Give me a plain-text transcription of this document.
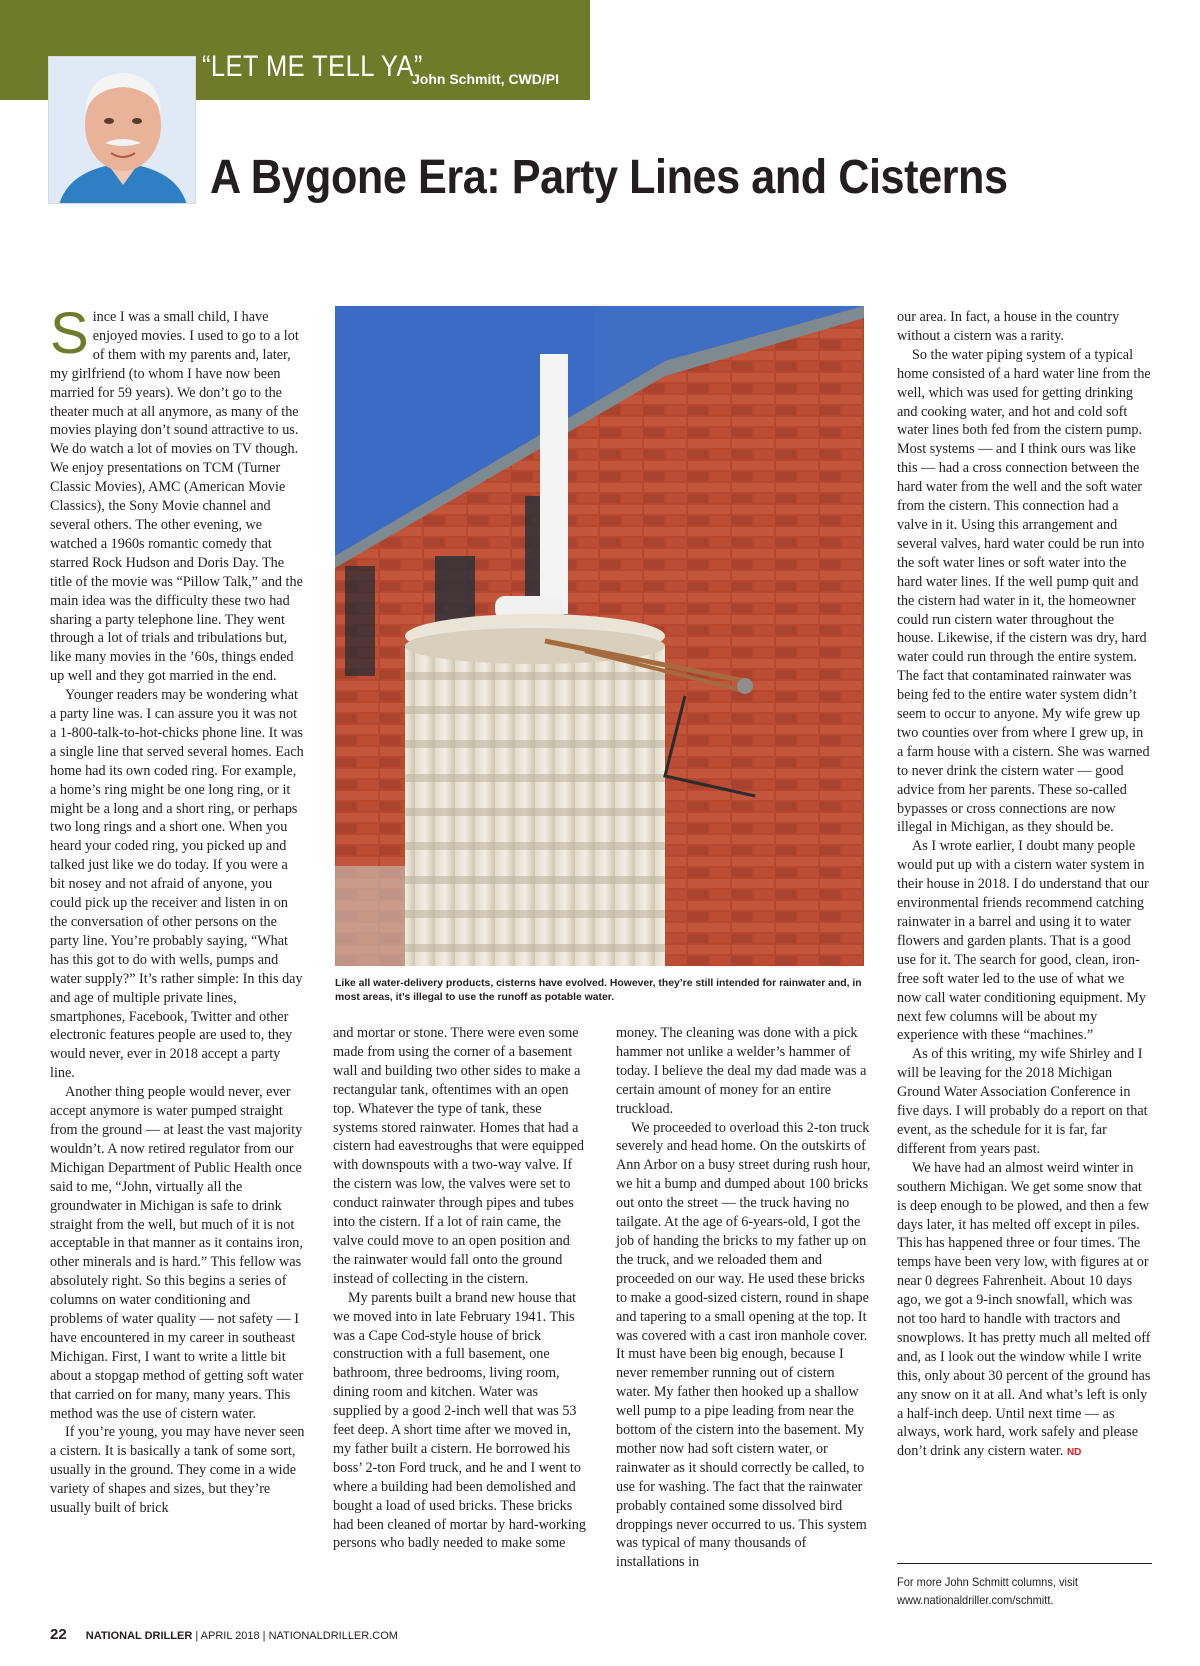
“LET ME TELL YA”
John Schmitt, CWD/PI
A Bygone Era: Party Lines and Cisterns

Since I was a small child, I have enjoyed movies. I used to go to a lot of them with my parents and, later, my girlfriend (to whom I have now been married for 59 years). We don’t go to the theater much at all anymore, as many of the movies playing don’t sound attractive to us. We do watch a lot of movies on TV though. We enjoy presentations on TCM (Turner Classic Movies), AMC (American Movie Classics), the Sony Movie channel and several others. The other evening, we watched a 1960s romantic comedy that starred Rock Hudson and Doris Day. The title of the movie was “Pillow Talk,” and the main idea was the difficulty these two had sharing a party telephone line. They went through a lot of trials and tribulations but, like many movies in the ’60s, things ended up well and they got married in the end.

Younger readers may be wondering what a party line was. I can assure you it was not a 1-800-talk-to-hot-chicks phone line. It was a single line that served several homes. Each home had its own coded ring. For example, a home’s ring might be one long ring, or it might be a long and a short ring, or perhaps two long rings and a short one. When you heard your coded ring, you picked up and talked just like we do today. If you were a bit nosey and not afraid of anyone, you could pick up the receiver and listen in on the conversation of other persons on the party line. You’re probably saying, “What has this got to do with wells, pumps and water supply?” It’s rather simple: In this day and age of multiple private lines, smartphones, Facebook, Twitter and other electronic features people are used to, they would never, ever in 2018 accept a party line.

Another thing people would never, ever accept anymore is water pumped straight from the ground — at least the vast majority wouldn’t. A now retired regulator from our Michigan Department of Public Health once said to me, “John, virtually all the groundwater in Michigan is safe to drink straight from the well, but much of it is not acceptable in that manner as it contains iron, other minerals and is hard.” This fellow was absolutely right. So this begins a series of columns on water conditioning and problems of water quality — not safety — I have encountered in my career in southeast Michigan. First, I want to write a little bit about a stopgap method of getting soft water that carried on for many, many years. This method was the use of cistern water.

If you’re young, you may have never seen a cistern. It is basically a tank of some sort, usually in the ground. They come in a wide variety of shapes and sizes, but they’re usually built of brick

Like all water-delivery products, cisterns have evolved. However, they’re still intended for rainwater and, in most areas, it’s illegal to use the runoff as potable water.

and mortar or stone. There were even some made from using the corner of a basement wall and building two other sides to make a rectangular tank, oftentimes with an open top. Whatever the type of tank, these systems stored rainwater. Homes that had a cistern had eavestroughs that were equipped with downspouts with a two-way valve. If the cistern was low, the valves were set to conduct rainwater through pipes and tubes into the cistern. If a lot of rain came, the valve could move to an open position and the rainwater would fall onto the ground instead of collecting in the cistern.

My parents built a brand new house that we moved into in late February 1941. This was a Cape Cod-style house of brick construction with a full basement, one bathroom, three bedrooms, living room, dining room and kitchen. Water was supplied by a good 2-inch well that was 53 feet deep. A short time after we moved in, my father built a cistern. He borrowed his boss’ 2-ton Ford truck, and he and I went to where a building had been demolished and bought a load of used bricks. These bricks had been cleaned of mortar by hard-working persons who badly needed to make some

money. The cleaning was done with a pick hammer not unlike a welder’s hammer of today. I believe the deal my dad made was a certain amount of money for an entire truckload.

We proceeded to overload this 2-ton truck severely and head home. On the outskirts of Ann Arbor on a busy street during rush hour, we hit a bump and dumped about 100 bricks out onto the street — the truck having no tailgate. At the age of 6-years-old, I got the job of handing the bricks to my father up on the truck, and we reloaded them and proceeded on our way. He used these bricks to make a good-sized cistern, round in shape and tapering to a small opening at the top. It was covered with a cast iron manhole cover. It must have been big enough, because I never remember running out of cistern water. My father then hooked up a shallow well pump to a pipe leading from near the bottom of the cistern into the basement. My mother now had soft cistern water, or rainwater as it should correctly be called, to use for washing. The fact that the rainwater probably contained some dissolved bird droppings never occurred to us. This system was typical of many thousands of installations in

our area. In fact, a house in the country without a cistern was a rarity.

So the water piping system of a typical home consisted of a hard water line from the well, which was used for getting drinking and cooking water, and hot and cold soft water lines both fed from the cistern pump. Most systems — and I think ours was like this — had a cross connection between the hard water from the well and the soft water from the cistern. This connection had a valve in it. Using this arrangement and several valves, hard water could be run into the soft water lines or soft water into the hard water lines. If the well pump quit and the cistern had water in it, the homeowner could run cistern water throughout the house. Likewise, if the cistern was dry, hard water could run through the entire system. The fact that contaminated rainwater was being fed to the entire water system didn’t seem to occur to anyone. My wife grew up two counties over from where I grew up, in a farm house with a cistern. She was warned to never drink the cistern water — good advice from her parents. These so-called bypasses or cross connections are now illegal in Michigan, as they should be.

As I wrote earlier, I doubt many people would put up with a cistern water system in their house in 2018. I do understand that our environmental friends recommend catching rainwater in a barrel and using it to water flowers and garden plants. That is a good use for it. The search for good, clean, iron-free soft water led to the use of what we now call water conditioning equipment. My next few columns will be about my experience with these “machines.”

As of this writing, my wife Shirley and I will be leaving for the 2018 Michigan Ground Water Association Conference in five days. I will probably do a report on that event, as the schedule for it is far, far different from years past.

We have had an almost weird winter in southern Michigan. We get some snow that is deep enough to be plowed, and then a few days later, it has melted off except in piles. This has happened three or four times. The temps have been very low, with figures at or near 0 degrees Fahrenheit. About 10 days ago, we got a 9-inch snowfall, which was not too hard to handle with tractors and snowplows. It has pretty much all melted off and, as I look out the window while I write this, only about 30 percent of the ground has any snow on it at all. And what’s left is only a half-inch deep. Until next time — as always, work hard, work safely and please don’t drink any cistern water. ND

For more John Schmitt columns, visit www.nationaldriller.com/schmitt.
22 NATIONAL DRILLER | APRIL 2018 | NATIONALDRILLER.COM
